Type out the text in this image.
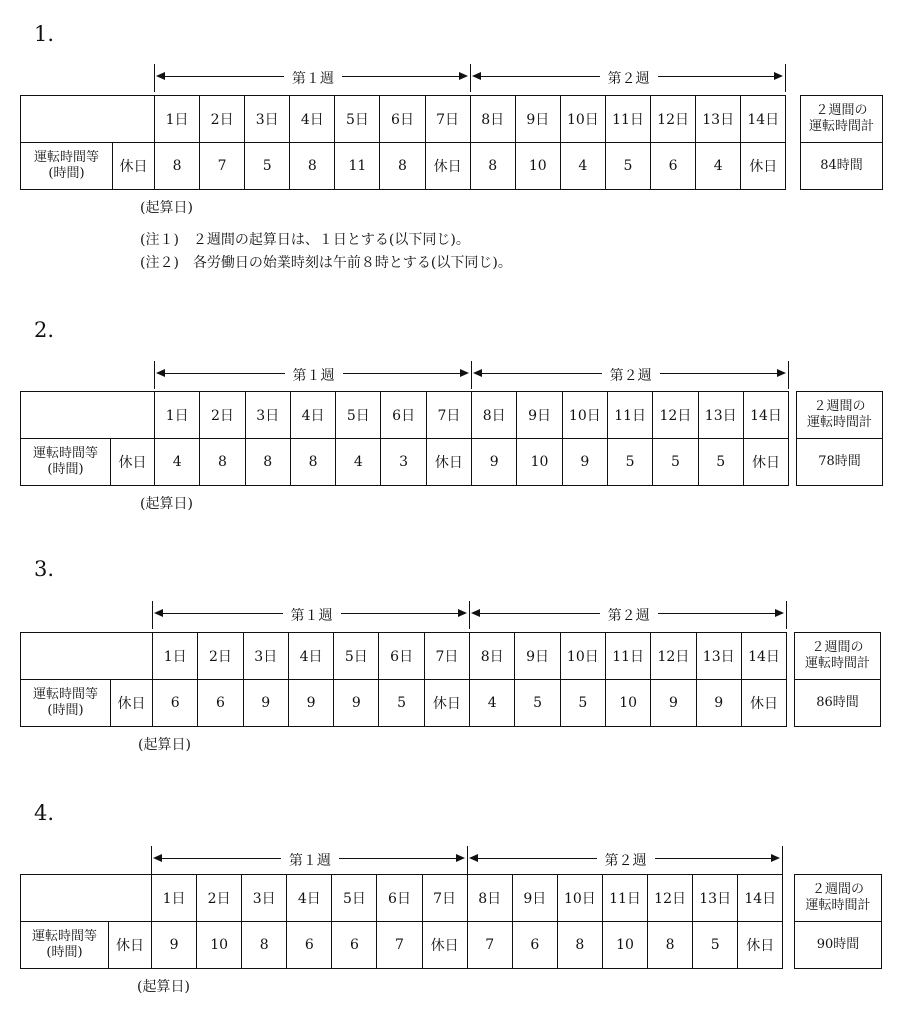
1.
第１週	第２週
		1日	2日	3日	4日	5日	6日	7日	8日	9日	10日	11日	12日	13日	14日

運転時間等
(時間)	休日	8	7	5	8	11	8	休日	8	10	4	5	6	4	休日
２週間の
運転時間計

84時間
(起算日)
(注１)　２週間の起算日は、１日とする(以下同じ)。
(注２)　各労働日の始業時刻は午前８時とする(以下同じ)。
2.
第１週	第２週
		1日	2日	3日	4日	5日	6日	7日	8日	9日	10日	11日	12日	13日	14日

運転時間等
(時間)	休日	4	8	8	8	4	3	休日	9	10	9	5	5	5	休日
２週間の
運転時間計

78時間
(起算日)
3.
第１週	第２週
		1日	2日	3日	4日	5日	6日	7日	8日	9日	10日	11日	12日	13日	14日

運転時間等
(時間)	休日	6	6	9	9	9	5	休日	4	5	5	10	9	9	休日
２週間の
運転時間計

86時間
(起算日)
4.
第１週	第２週
		1日	2日	3日	4日	5日	6日	7日	8日	9日	10日	11日	12日	13日	14日

運転時間等
(時間)	休日	9	10	8	6	6	7	休日	7	6	8	10	8	5	休日
２週間の
運転時間計

90時間
(起算日)
